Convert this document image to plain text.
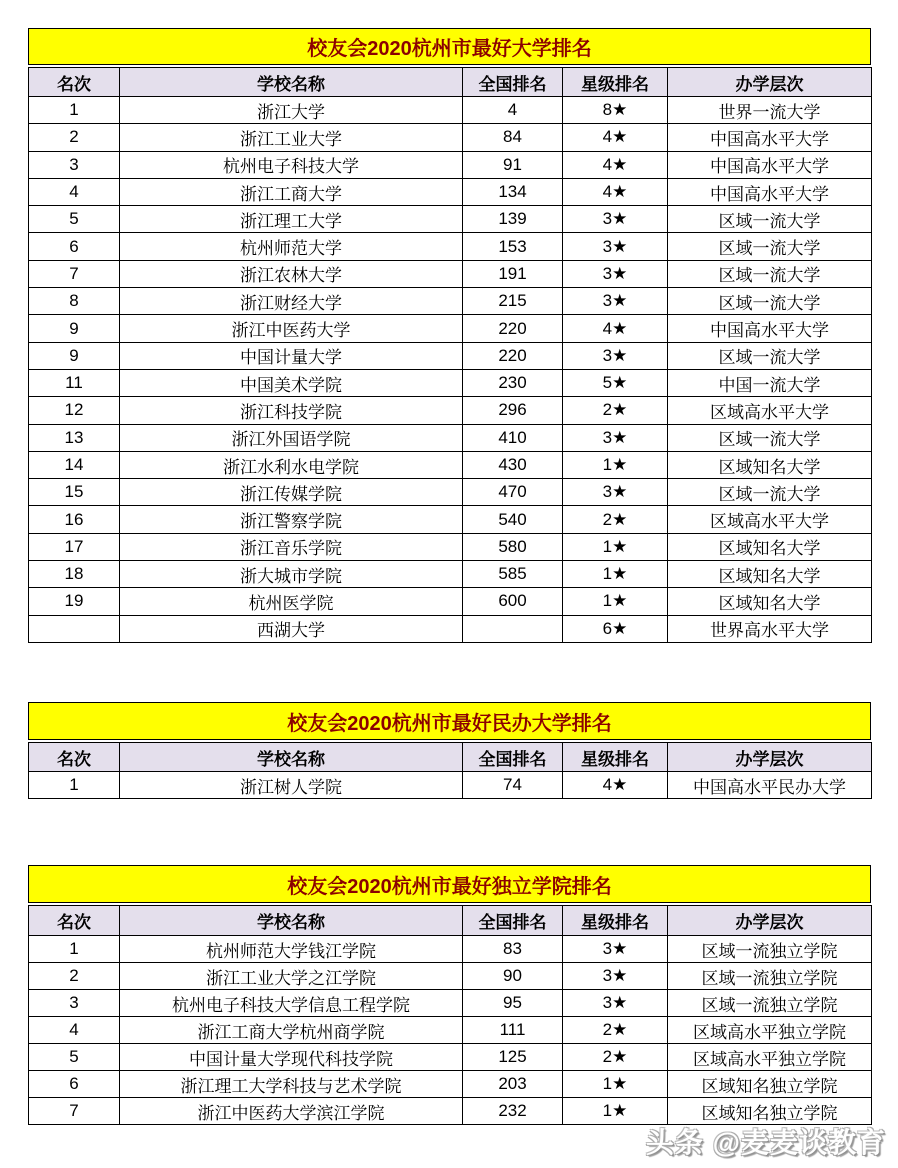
校友会2020杭州市最好大学排名
名次	学校名称	全国排名	星级排名	办学层次
1	浙江大学	4	8★	世界一流大学
2	浙江工业大学	84	4★	中国高水平大学
3	杭州电子科技大学	91	4★	中国高水平大学
4	浙江工商大学	134	4★	中国高水平大学
5	浙江理工大学	139	3★	区域一流大学
6	杭州师范大学	153	3★	区域一流大学
7	浙江农林大学	191	3★	区域一流大学
8	浙江财经大学	215	3★	区域一流大学
9	浙江中医药大学	220	4★	中国高水平大学
9	中国计量大学	220	3★	区域一流大学
11	中国美术学院	230	5★	中国一流大学
12	浙江科技学院	296	2★	区域高水平大学
13	浙江外国语学院	410	3★	区域一流大学
14	浙江水利水电学院	430	1★	区域知名大学
15	浙江传媒学院	470	3★	区域一流大学
16	浙江警察学院	540	2★	区域高水平大学
17	浙江音乐学院	580	1★	区域知名大学
18	浙大城市学院	585	1★	区域知名大学
19	杭州医学院	600	1★	区域知名大学
	西湖大学		6★	世界高水平大学
校友会2020杭州市最好民办大学排名
名次	学校名称	全国排名	星级排名	办学层次
1	浙江树人学院	74	4★	中国高水平民办大学
校友会2020杭州市最好独立学院排名
名次	学校名称	全国排名	星级排名	办学层次
1	杭州师范大学钱江学院	83	3★	区域一流独立学院
2	浙江工业大学之江学院	90	3★	区域一流独立学院
3	杭州电子科技大学信息工程学院	95	3★	区域一流独立学院
4	浙江工商大学杭州商学院	111	2★	区域高水平独立学院
5	中国计量大学现代科技学院	125	2★	区域高水平独立学院
6	浙江理工大学科技与艺术学院	203	1★	区域知名独立学院
7	浙江中医药大学滨江学院	232	1★	区域知名独立学院
头条 @麦麦谈教育
